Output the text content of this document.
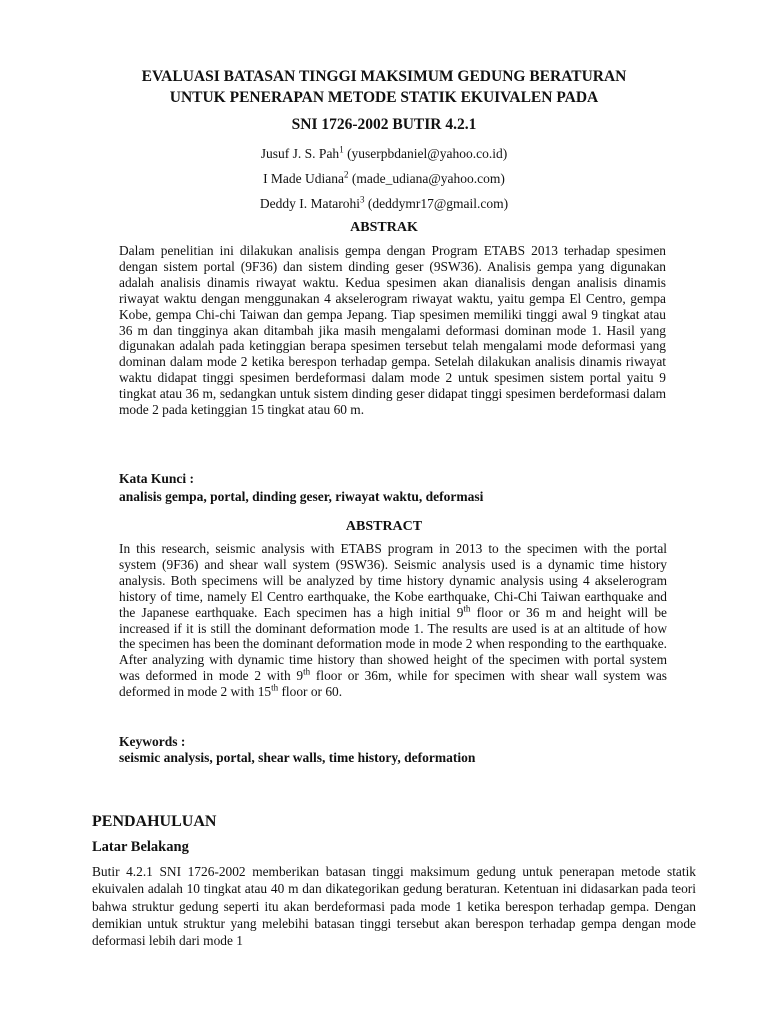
EVALUASI BATASAN TINGGI MAKSIMUM GEDUNG BERATURAN
UNTUK PENERAPAN METODE STATIK EKUIVALEN PADA
SNI 1726-2002 BUTIR 4.2.1
Jusuf J. S. Pah$^1$ (yuserpbdaniel@yahoo.co.id)
I Made Udiana$^2$ (made_udiana@yahoo.com)
Deddy I. Matarohi$^3$ (deddymr17@gmail.com)
ABSTRAK

Dalam penelitian ini dilakukan analisis gempa dengan Program ETABS 2013 terhadap spesimen dengan sistem portal (9F36) dan sistem dinding geser (9SW36). Analisis gempa yang digunakan adalah analisis dinamis riwayat waktu. Kedua spesimen akan dianalisis dengan analisis dinamis riwayat waktu dengan menggunakan 4 akselerogram riwayat waktu, yaitu gempa El Centro, gempa Kobe, gempa Chi-chi Taiwan dan gempa Jepang. Tiap spesimen memiliki tinggi awal 9 tingkat atau 36 m dan tingginya akan ditambah jika masih mengalami deformasi dominan mode 1. Hasil yang digunakan adalah pada ketinggian berapa spesimen tersebut telah mengalami mode deformasi yang dominan dalam mode 2 ketika berespon terhadap gempa. Setelah dilakukan analisis dinamis riwayat waktu didapat tinggi spesimen berdeformasi dalam mode 2 untuk spesimen sistem portal yaitu 9 tingkat atau 36 m, sedangkan untuk sistem dinding geser didapat tinggi spesimen berdeformasi dalam mode 2 pada ketinggian 15 tingkat atau 60 m.

Kata Kunci :
analisis gempa, portal, dinding geser, riwayat waktu, deformasi
ABSTRACT

In this research, seismic analysis with ETABS program in 2013 to the specimen with the portal system (9F36) and shear wall system (9SW36). Seismic analysis used is a dynamic time history analysis. Both specimens will be analyzed by time history dynamic analysis using 4 akselerogram history of time, namely El Centro earthquake, the Kobe earthquake, Chi-Chi Taiwan earthquake and the Japanese earthquake. Each specimen has a high initial 9th floor or 36 m and height will be increased if it is still the dominant deformation mode 1. The results are used is at an altitude of how the specimen has been the dominant deformation mode in mode 2 when responding to the earthquake. After analyzing with dynamic time history than showed height of the specimen with portal system was deformed in mode 2 with 9th floor or 36m, while for specimen with shear wall system was deformed in mode 2 with 15th floor or 60.

Keywords :
seismic analysis, portal, shear walls, time history, deformation
PENDAHULUAN
Latar Belakang

Butir 4.2.1 SNI 1726-2002 memberikan batasan tinggi maksimum gedung untuk penerapan metode statik ekuivalen adalah 10 tingkat atau 40 m dan dikategorikan gedung beraturan. Ketentuan ini didasarkan pada teori bahwa struktur gedung seperti itu akan berdeformasi pada mode 1 ketika berespon terhadap gempa. Dengan demikian untuk struktur yang melebihi batasan tinggi tersebut akan berespon terhadap gempa dengan mode deformasi lebih dari mode 1
